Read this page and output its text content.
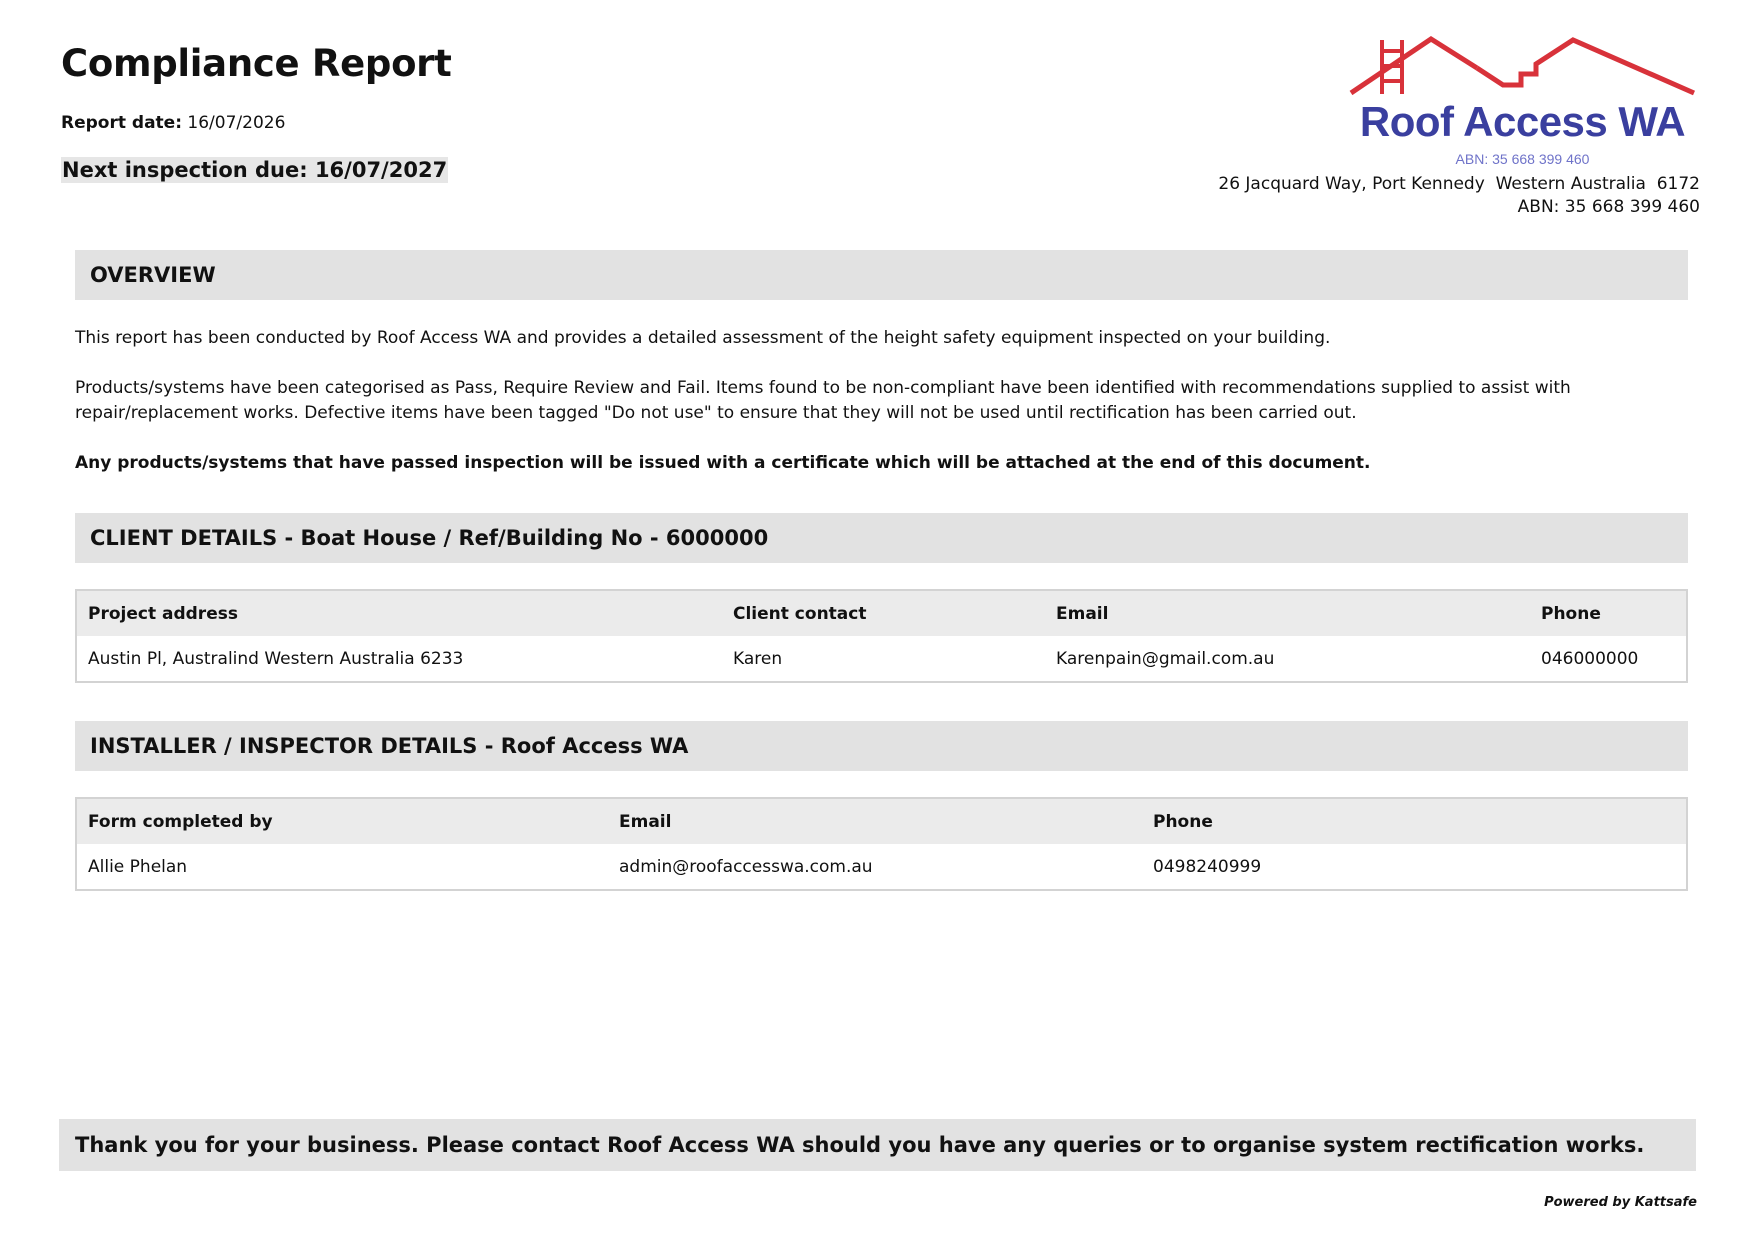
Compliance Report
Report date: 16/07/2026
Next inspection due: 16/07/2027
Roof Access WA
ABN: 35 668 399 460
26 Jacquard Way, Port Kennedy  Western Australia  6172
ABN: 35 668 399 460
OVERVIEW
This report has been conducted by Roof Access WA and provides a detailed assessment of the height safety equipment inspected on your building.
Products/systems have been categorised as Pass, Require Review and Fail. Items found to be non-compliant have been identified with recommendations supplied to assist with repair/replacement works. Defective items have been tagged "Do not use" to ensure that they will not be used until rectification has been carried out.
Any products/systems that have passed inspection will be issued with a certificate which will be attached at the end of this document.
CLIENT DETAILS - Boat House / Ref/Building No - 6000000
Project address	Client contact	Email	Phone
Austin Pl, Australind Western Australia 6233	Karen	Karenpain@gmail.com.au	046000000
INSTALLER / INSPECTOR DETAILS - Roof Access WA
Form completed by	Email	Phone
Allie Phelan	admin@roofaccesswa.com.au	0498240999
Thank you for your business. Please contact Roof Access WA should you have any queries or to organise system rectification works.
Powered by Kattsafe
